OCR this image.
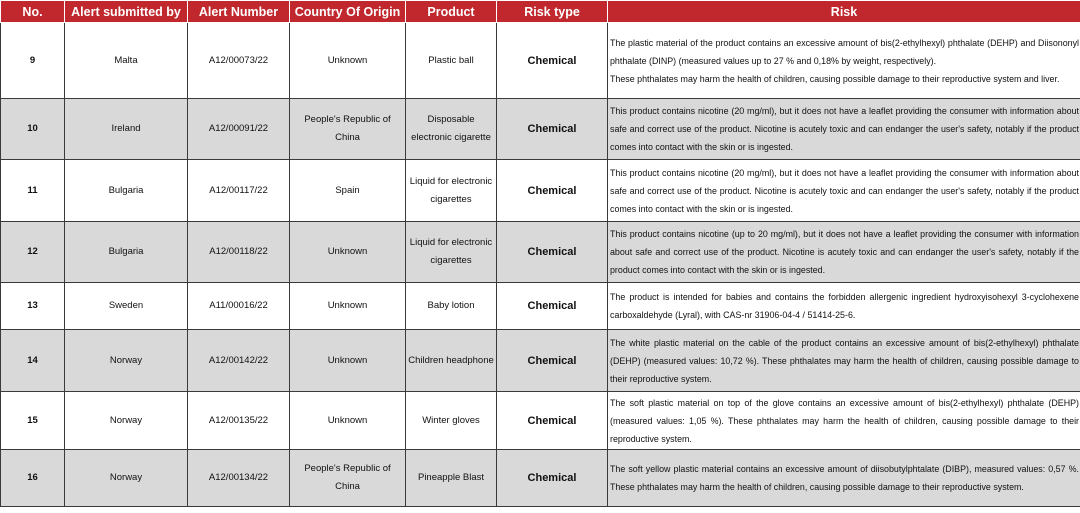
No.	Alert submitted by	Alert Number	Country Of Origin	Product	Risk type	Risk
9	Malta	A12/00073/22	Unknown	Plastic ball	Chemical	The plastic material of the product contains an excessive amount of bis(2-ethylhexyl) phthalate (DEHP) and Diisononyl phthalate (DINP) (measured values up to 27 % and 0,18% by weight, respectively).
These phthalates may harm the health of children, causing possible damage to their reproductive system and liver.

10	Ireland	A12/00091/22	People's Republic of China	Disposable electronic cigarette	Chemical	This product contains nicotine (20 mg/ml), but it does not have a leaflet providing the consumer with information about safe and correct use of the product. Nicotine is acutely toxic and can endanger the user's safety, notably if the product comes into contact with the skin or is ingested.
11	Bulgaria	A12/00117/22	Spain	Liquid for electronic cigarettes	Chemical	This product contains nicotine (20 mg/ml), but it does not have a leaflet providing the consumer with information about safe and correct use of the product. Nicotine is acutely toxic and can endanger the user's safety, notably if the product comes into contact with the skin or is ingested.
12	Bulgaria	A12/00118/22	Unknown	Liquid for electronic cigarettes	Chemical	This product contains nicotine (up to 20 mg/ml), but it does not have a leaflet providing the consumer with information about safe and correct use of the product. Nicotine is acutely toxic and can endanger the user's safety, notably if the product comes into contact with the skin or is ingested.
13	Sweden	A11/00016/22	Unknown	Baby lotion	Chemical	The product is intended for babies and contains the forbidden allergenic ingredient hydroxyisohexyl 3-cyclohexene carboxaldehyde (Lyral), with CAS-nr 31906-04-4 / 51414-25-6.
14	Norway	A12/00142/22	Unknown	Children headphone	Chemical	The white plastic material on the cable of the product contains an excessive amount of bis(2-ethylhexyl) phthalate (DEHP) (measured values: 10,72 %). These phthalates may harm the health of children, causing possible damage to their reproductive system.
15	Norway	A12/00135/22	Unknown	Winter gloves	Chemical	The soft plastic material on top of the glove contains an excessive amount of bis(2-ethylhexyl) phthalate (DEHP) (measured values: 1,05 %). These phthalates may harm the health of children, causing possible damage to their reproductive system.
16	Norway	A12/00134/22	People's Republic of China	Pineapple Blast	Chemical	The soft yellow plastic material contains an excessive amount of diisobutylphtalate (DIBP), measured values: 0,57 %. These phthalates may harm the health of children, causing possible damage to their reproductive system.
